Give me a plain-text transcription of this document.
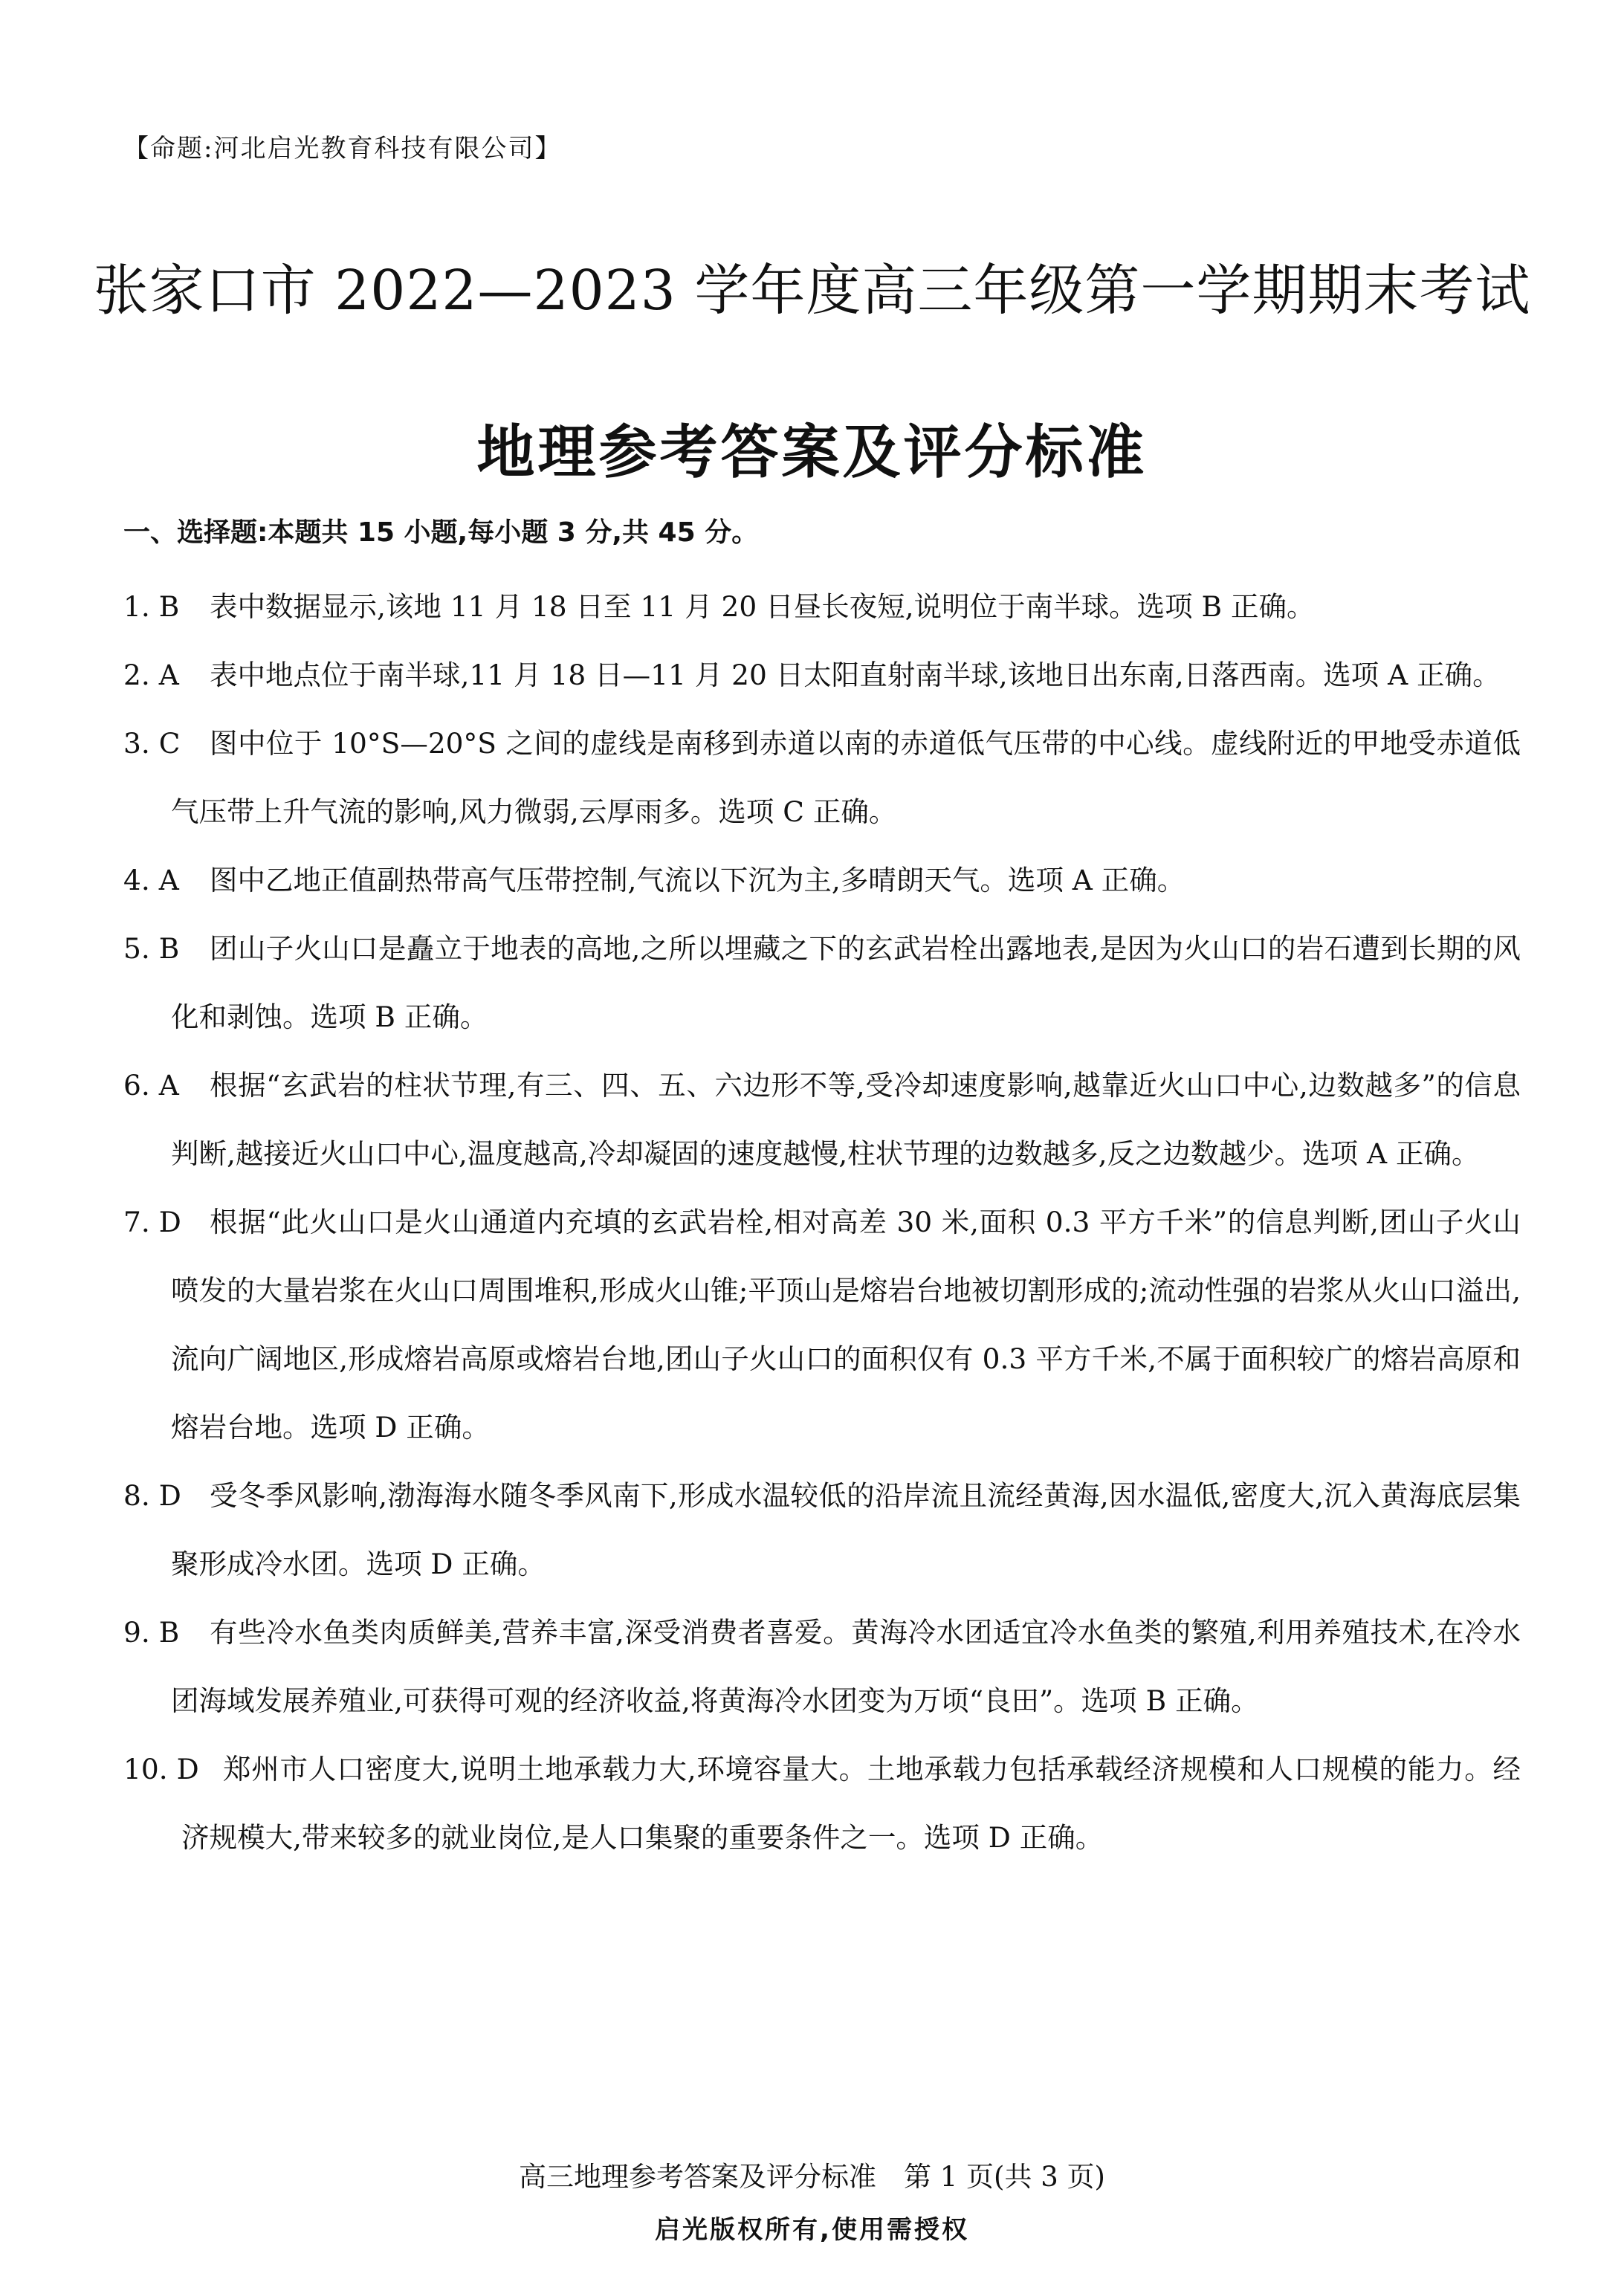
【命题:河北启光教育科技有限公司】
张家口市 2022—2023 学年度高三年级第一学期期末考试
地理参考答案及评分标准
一、选择题:本题共 15 小题,每小题 3 分,共 45 分。
1. B	表中数据显示,该地 11 月 18 日至 11 月 20 日昼长夜短,说明位于南半球。选项 B 正确。
2. A	表中地点位于南半球,11 月 18 日—11 月 20 日太阳直射南半球,该地日出东南,日落西南。选项 A 正确。
3. C	图中位于 10°S—20°S 之间的虚线是南移到赤道以南的赤道低气压带的中心线。虚线附近的甲地受赤道低气压带上升气流的影响,风力微弱,云厚雨多。选项 C 正确。
4. A	图中乙地正值副热带高气压带控制,气流以下沉为主,多晴朗天气。选项 A 正确。
5. B	团山子火山口是矗立于地表的高地,之所以埋藏之下的玄武岩栓出露地表,是因为火山口的岩石遭到长期的风化和剥蚀。选项 B 正确。
6. A	根据“玄武岩的柱状节理,有三、四、五、六边形不等,受冷却速度影响,越靠近火山口中心,边数越多”的信息判断,越接近火山口中心,温度越高,冷却凝固的速度越慢,柱状节理的边数越多,反之边数越少。选项 A 正确。
7. D	根据“此火山口是火山通道内充填的玄武岩栓,相对高差 30 米,面积 0.3 平方千米”的信息判断,团山子火山喷发的大量岩浆在火山口周围堆积,形成火山锥;平顶山是熔岩台地被切割形成的;流动性强的岩浆从火山口溢出,流向广阔地区,形成熔岩高原或熔岩台地,团山子火山口的面积仅有 0.3 平方千米,不属于面积较广的熔岩高原和熔岩台地。选项 D 正确。
8. D	受冬季风影响,渤海海水随冬季风南下,形成水温较低的沿岸流且流经黄海,因水温低,密度大,沉入黄海底层集聚形成冷水团。选项 D 正确。
9. B	有些冷水鱼类肉质鲜美,营养丰富,深受消费者喜爱。黄海冷水团适宜冷水鱼类的繁殖,利用养殖技术,在冷水团海域发展养殖业,可获得可观的经济收益,将黄海冷水团变为万顷“良田”。选项 B 正确。
10. D 郑州市人口密度大,说明土地承载力大,环境容量大。土地承载力包括承载经济规模和人口规模的能力。经济规模大,带来较多的就业岗位,是人口集聚的重要条件之一。选项 D 正确。
高三地理参考答案及评分标准　第 1 页(共 3 页)
启光版权所有,使用需授权
